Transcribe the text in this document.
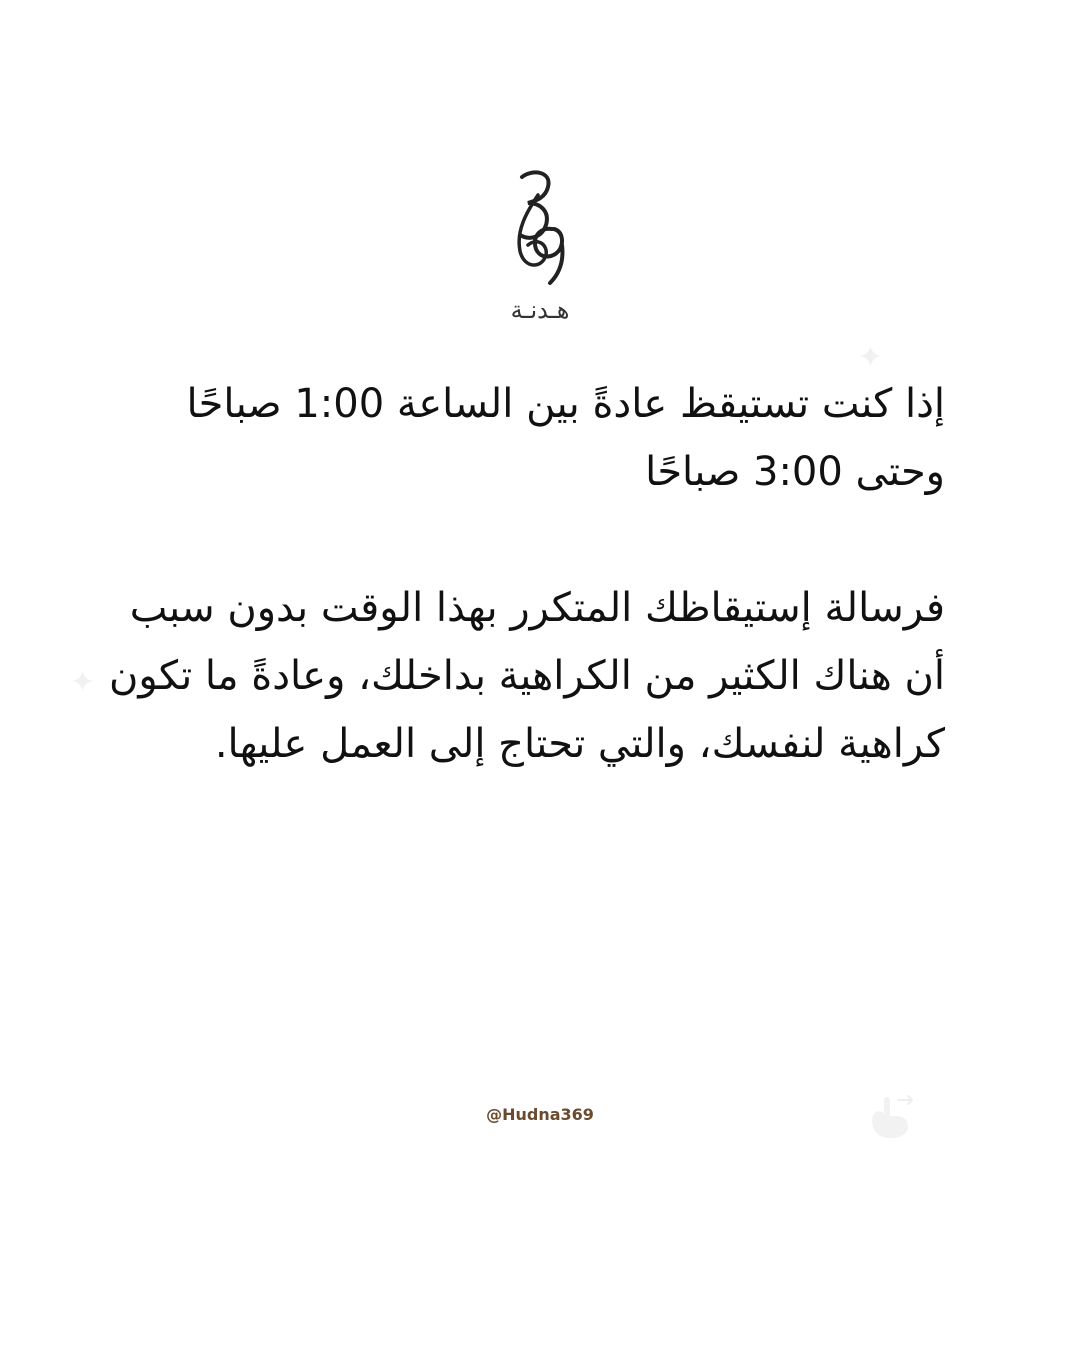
✦
✦
هـدنـة

إذا كنت تستيقظ عادةً بين الساعة 1:00 صباحًا وحتى 3:00 صباحًا

فرسالة إستيقاظك المتكرر بهذا الوقت بدون سبب أن هناك الكثير من الكراهية بداخلك، وعادةً ما تكون كراهية لنفسك، والتي تحتاج إلى العمل عليها.

@Hudna369
